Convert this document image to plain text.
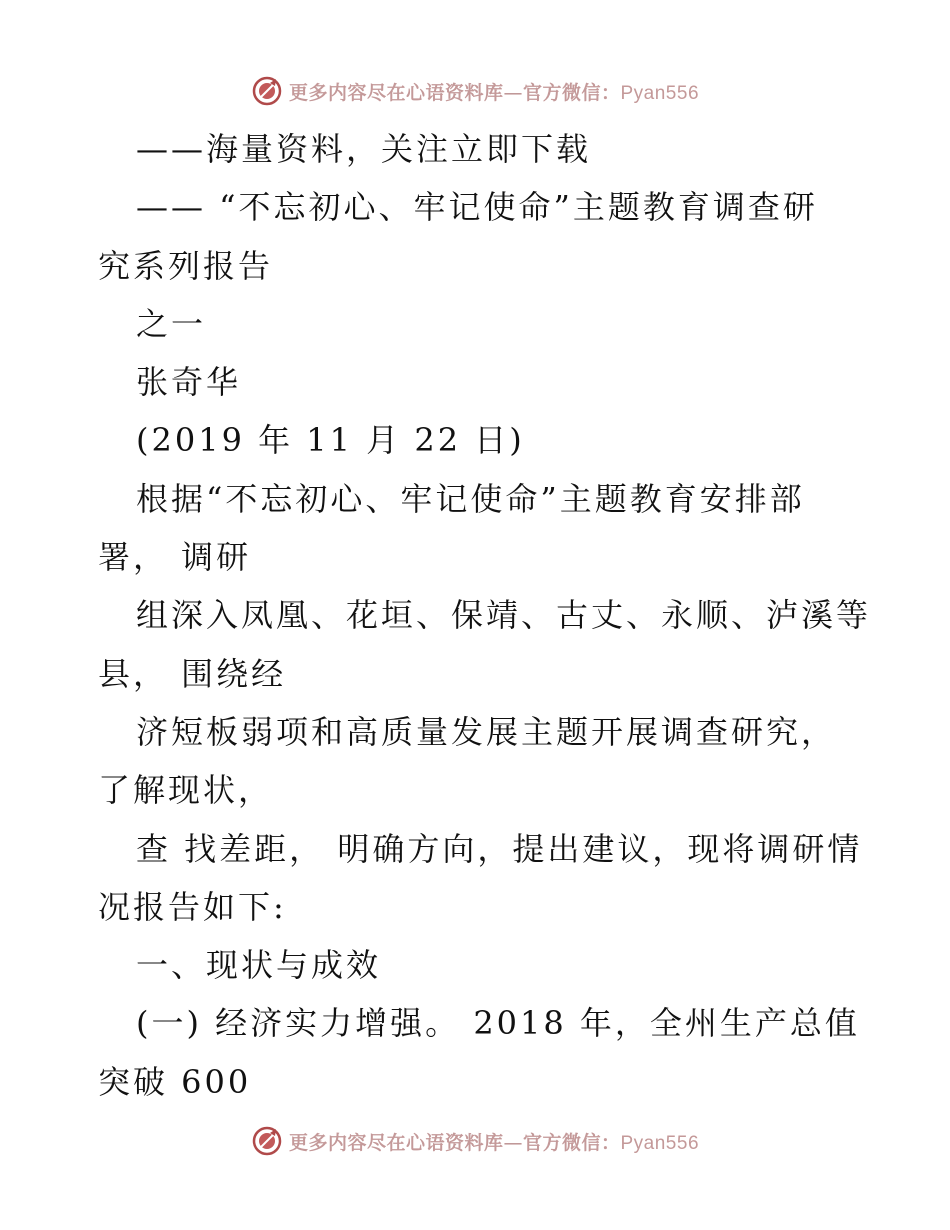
更多内容尽在心语资料库—官方微信：Pyan556
——海量资料，关注立即下载
—— “不忘初心、牢记使命”主题教育调查研
究系列报告
之一
张奇华
(2019 年 11 月 22 日)
根据“不忘初心、牢记使命”主题教育安排部
署， 调研
组深入凤凰、花垣、保靖、古丈、永顺、泸溪等
县， 围绕经
济短板弱项和高质量发展主题开展调查研究，
了解现状，
查 找差距， 明确方向，提出建议，现将调研情
况报告如下:
一、现状与成效
(一) 经济实力增强。 2018 年，全州生产总值
突破 600
更多内容尽在心语资料库—官方微信：Pyan556
